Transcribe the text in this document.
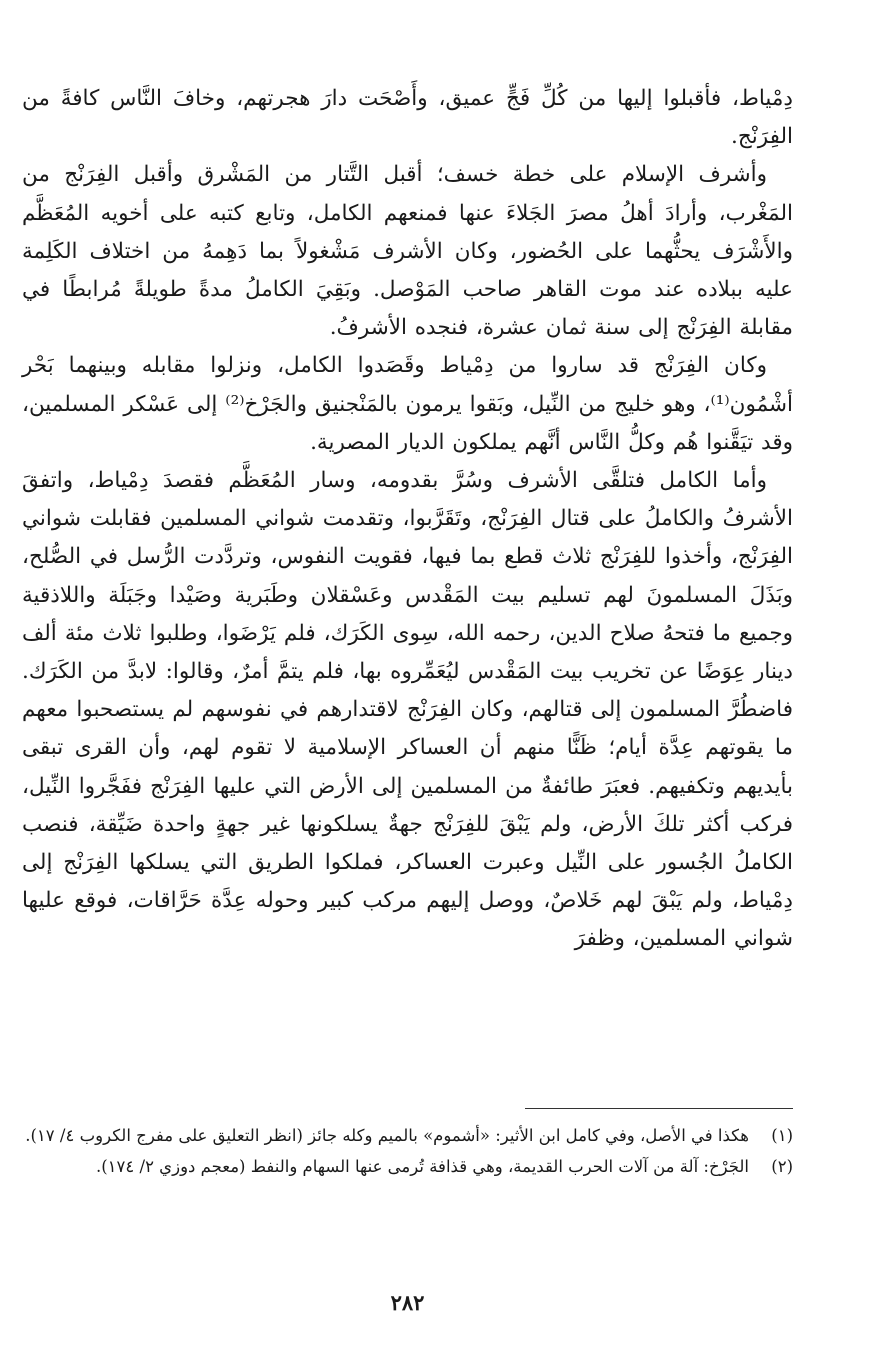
دِمْياط، فأقبلوا إليها من كُلِّ فَجٍّ عميق، وأَصْحَت دارَ هجرتهم، وخافَ النَّاس كافةً من الفِرَنْج.

وأشرف الإسلام على خطة خسف؛ أقبل التَّتار من المَشْرق وأقبل الفِرَنْج من المَغْرب، وأرادَ أهلُ مصرَ الجَلاءَ عنها فمنعهم الكامل، وتابع كتبه على أخويه المُعَظَّم والأَشْرَف يحثُّهما على الحُضور، وكان الأشرف مَشْغولاً بما دَهِمهُ من اختلاف الكَلِمة عليه ببلاده عند موت القاهر صاحب المَوْصل. وبَقِيَ الكاملُ مدةً طويلةً مُرابطًا في مقابلة الفِرَنْج إلى سنة ثمان عشرة، فنجده الأشرفُ.

وكان الفِرَنْج قد ساروا من دِمْياط وقَصَدوا الكامل، ونزلوا مقابله وبينهما بَحْر أشْمُون⁽¹⁾، وهو خليج من النِّيل، وبَقوا يرمون بالمَنْجنيق والجَرْخ⁽²⁾ إلى عَسْكر المسلمين، وقد تيَقَّنوا هُم وكلُّ النَّاس أنَّهم يملكون الديار المصرية.

وأما الكامل فتلقَّى الأشرف وسُرَّ بقدومه، وسار المُعَظَّم فقصدَ دِمْياط، واتفقَ الأشرفُ والكاملُ على قتال الفِرَنْج، وتَقَرَّبوا، وتقدمت شواني المسلمين فقابلت شواني الفِرَنْج، وأخذوا للفِرَنْج ثلاث قطع بما فيها، فقويت النفوس، وتردَّدت الرُّسل في الصُّلح، وبَذَلَ المسلمونَ لهم تسليم بيت المَقْدس وعَسْقلان وطَبَرية وصَيْدا وجَبَلَة واللاذقية وجميع ما فتحهُ صلاح الدين، رحمه الله، سِوى الكَرَك، فلم يَرْضَوا، وطلبوا ثلاث مئة ألف دينار عِوَضًا عن تخريب بيت المَقْدس ليُعَمِّروه بها، فلم يتمَّ أمرٌ، وقالوا: لابدَّ من الكَرَك. فاضطُرَّ المسلمون إلى قتالهم، وكان الفِرَنْج لاقتدارهم في نفوسهم لم يستصحبوا معهم ما يقوتهم عِدَّة أيام؛ ظَنًّا منهم أن العساكر الإسلامية لا تقوم لهم، وأن القرى تبقى بأيديهم وتكفيهم. فعبَرَ طائفةٌ من المسلمين إلى الأرض التي عليها الفِرَنْج ففَجَّروا النِّيل، فركب أكثر تلكَ الأرض، ولم يَبْقَ للفِرَنْج جهةٌ يسلكونها غير جهةٍ واحدة ضَيِّقة، فنصب الكاملُ الجُسور على النِّيل وعبرت العساكر، فملكوا الطريق التي يسلكها الفِرَنْج إلى دِمْياط، ولم يَبْقَ لهم خَلاصٌ، ووصل إليهم مركب كبير وحوله عِدَّة حَرَّاقات، فوقع عليها شواني المسلمين، وظفرَ

(١)
هكذا في الأصل، وفي كامل ابن الأثير: «أشموم» بالميم وكله جائز (انظر التعليق على مفرج الكروب ٤/ ١٧).
(٢)
الجَرْخ: آلة من آلات الحرب القديمة، وهي قذافة تُرمى عنها السهام والنفط (معجم دوزي ٢/ ١٧٤).
٢٨٢
